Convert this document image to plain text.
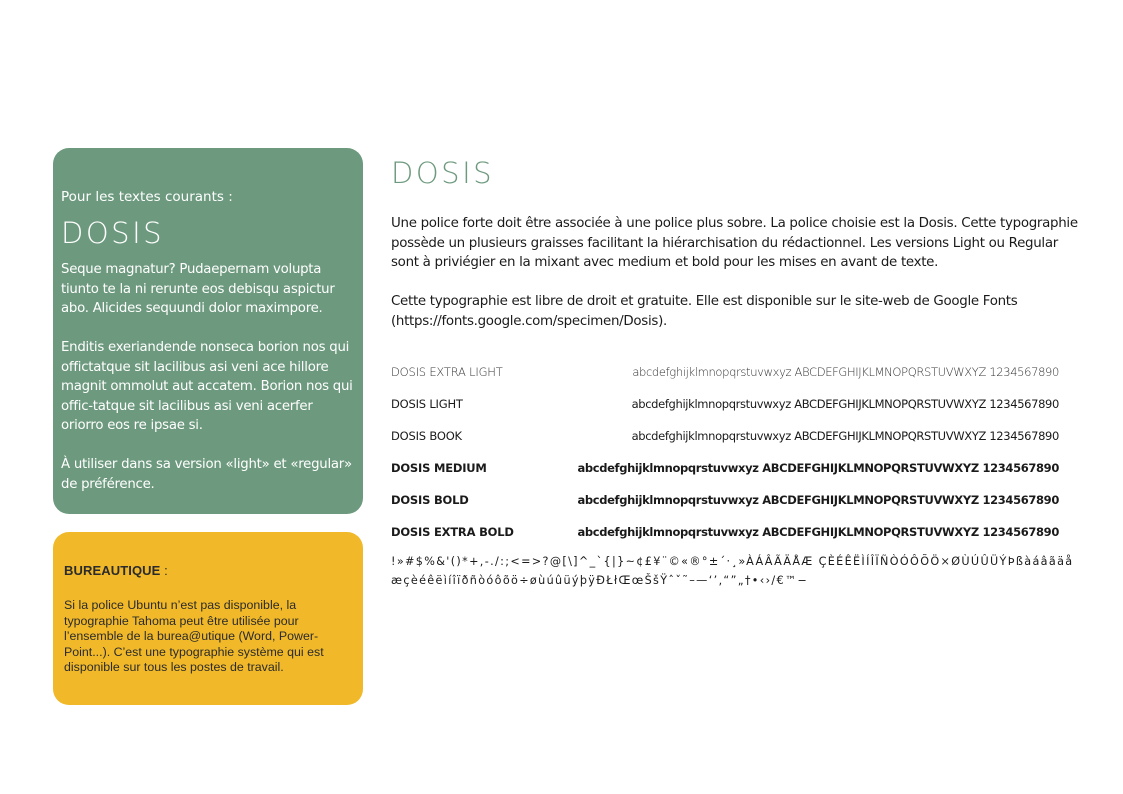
Pour les textes courants :

DOSIS

Seque magnatur? Pudaepernam volupta tiunto te la ni rerunte eos debisqu aspictur abo. Alicides sequundi dolor maximpore.

Enditis exeriandende nonseca borion nos qui offictatque sit lacilibus asi veni ace hillore magnit ommolut aut accatem. Borion nos qui offic-tatque sit lacilibus asi veni acerfer oriorro eos re ipsae si.

À utiliser dans sa version «light» et «regular» de préférence.

BUREAUTIQUE :

Si la police Ubuntu n’est pas disponible, la typographie Tahoma peut être utilisée pour l’ensemble de la burea@utique (Word, Power-Point...). C’est une typographie système qui est disponible sur tous les postes de travail.

DOSIS

Une police forte doit être associée à une police plus sobre. La police choisie est la Dosis. Cette typographie possède un plusieurs graisses facilitant la hiérarchisation du rédactionnel. Les versions Light ou Regular sont à priviégier en la mixant avec medium et bold pour les mises en avant de texte.

Cette typographie est libre de droit et gratuite. Elle est disponible sur le site-web de Google Fonts (https://fonts.google.com/specimen/Dosis).

DOSIS EXTRA LIGHT	abcdefghijklmnopqrstuvwxyz ABCDEFGHIJKLMNOPQRSTUVWXYZ 1234567890
DOSIS LIGHT	abcdefghijklmnopqrstuvwxyz ABCDEFGHIJKLMNOPQRSTUVWXYZ 1234567890
DOSIS BOOK	abcdefghijklmnopqrstuvwxyz ABCDEFGHIJKLMNOPQRSTUVWXYZ 1234567890
DOSIS MEDIUM	abcdefghijklmnopqrstuvwxyz ABCDEFGHIJKLMNOPQRSTUVWXYZ 1234567890
DOSIS BOLD	abcdefghijklmnopqrstuvwxyz ABCDEFGHIJKLMNOPQRSTUVWXYZ 1234567890
DOSIS EXTRA BOLD	abcdefghijklmnopqrstuvwxyz ABCDEFGHIJKLMNOPQRSTUVWXYZ 1234567890
!»#$%&'()*+,-./:;<=>?@[\]^_`{|}~¢£¥¨©«®°±´·¸»ÀÁÂÃÄÅÆ ÇÈÉÊËÌÍÎÏÑÒÓÔÕÖ×ØÙÚÛÜÝÞßàáâãäåæçèéêëìíîïðñòóôõö÷øùúûüýþÿĐŁłŒœŠšŸˆˇ˜–—‘’‚“”„†•‹›/€™−
